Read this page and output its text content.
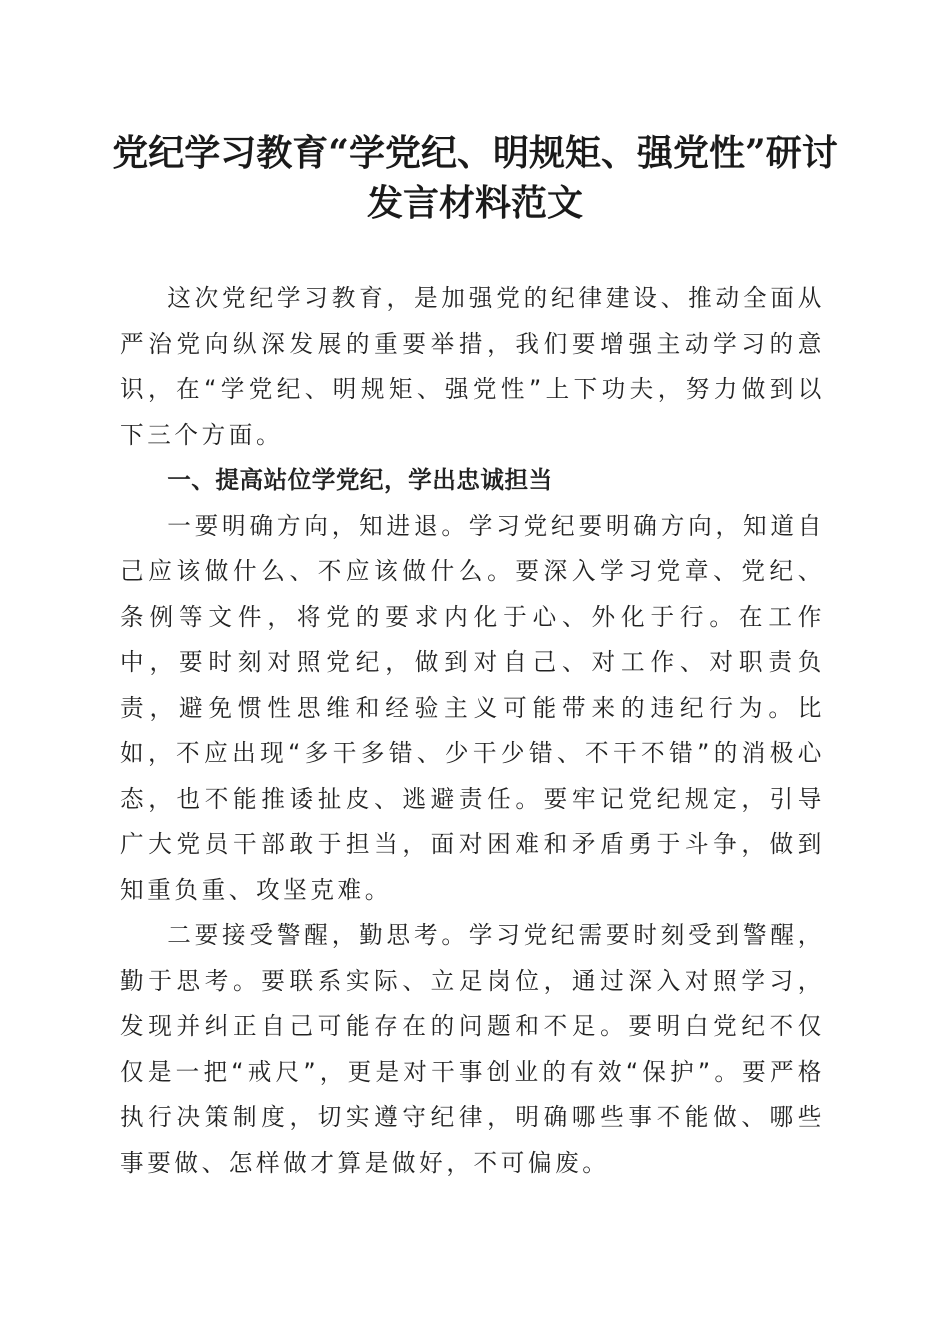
党纪学习教育“学党纪、明规矩、强党性”研讨发言材料范文

这次党纪学习教育，是加强党的纪律建设、推动全面从严治党向纵深发展的重要举措，我们要增强主动学习的意识，在“学党纪、明规矩、强党性”上下功夫，努力做到以下三个方面。

一、提高站位学党纪，学出忠诚担当

一要明确方向，知进退。学习党纪要明确方向，知道自己应该做什么、不应该做什么。要深入学习党章、党纪、条例等文件，将党的要求内化于心、外化于行。在工作中，要时刻对照党纪，做到对自己、对工作、对职责负责，避免惯性思维和经验主义可能带来的违纪行为。比如，不应出现“多干多错、少干少错、不干不错”的消极心态，也不能推诿扯皮、逃避责任。要牢记党纪规定，引导广大党员干部敢于担当，面对困难和矛盾勇于斗争，做到知重负重、攻坚克难。

二要接受警醒，勤思考。学习党纪需要时刻受到警醒，勤于思考。要联系实际、立足岗位，通过深入对照学习，发现并纠正自己可能存在的问题和不足。要明白党纪不仅仅是一把“戒尺”，更是对干事创业的有效“保护”。要严格执行决策制度，切实遵守纪律，明确哪些事不能做、哪些事要做、怎样做才算是做好，不可偏废。
